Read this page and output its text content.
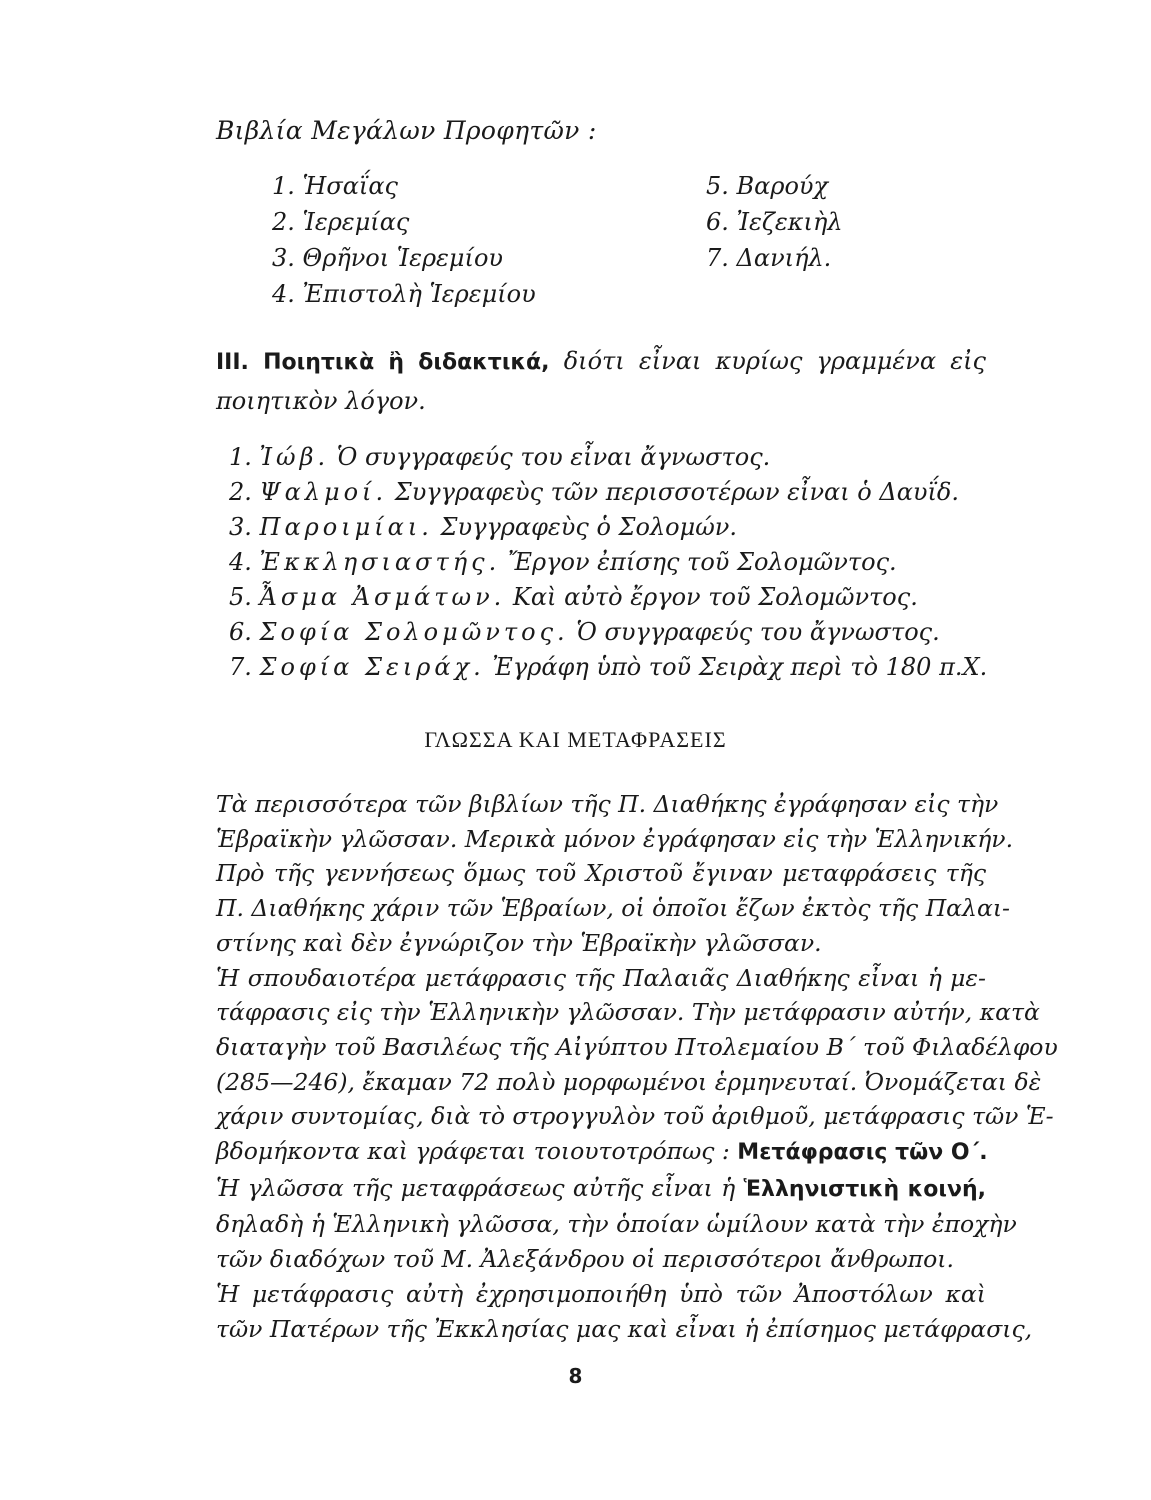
Βιβλία Μεγάλων Προφητῶν :
1. Ἡσαΐας
2. Ἱερεμίας
3. Θρῆνοι Ἱερεμίου
4. Ἐπιστολὴ Ἱερεμίου
5. Βαρούχ
6. Ἰεζεκιὴλ
7. Δανιήλ.
III. Ποιητικὰ ἢ διδακτικά, διότι εἶναι κυρίως γραμμένα εἰς ποιητικὸν λόγον.
1. Ἰώβ. Ὁ συγγραφεύς του εἶναι ἄγνωστος.
2. Ψαλμοί. Συγγραφεὺς τῶν περισσοτέρων εἶναι ὁ Δαυΐδ.
3. Παροιμίαι. Συγγραφεὺς ὁ Σολομών.
4. Ἐκκλησιαστής. Ἔργον ἐπίσης τοῦ Σολομῶντος.
5. Ἆσμα Ἀσμάτων. Καὶ αὐτὸ ἔργον τοῦ Σολομῶντος.
6. Σοφία Σολομῶντος. Ὁ συγγραφεύς του ἄγνωστος.
7. Σοφία Σειράχ. Ἐγράφη ὑπὸ τοῦ Σειρὰχ περὶ τὸ 180 π.Χ.
ΓΛΩΣΣΑ ΚΑΙ ΜΕΤΑΦΡΑΣΕΙΣ
Τὰ περισσότερα τῶν βιβλίων τῆς Π. Διαθήκης ἐγράφησαν εἰς τὴν
Ἑβραϊκὴν γλῶσσαν. Μερικὰ μόνον ἐγράφησαν εἰς τὴν Ἑλληνικήν.
Πρὸ τῆς γεννήσεως ὅμως τοῦ Χριστοῦ ἔγιναν μεταφράσεις τῆς
Π. Διαθήκης χάριν τῶν Ἑβραίων, οἱ ὁποῖοι ἔζων ἐκτὸς τῆς Παλαι-
στίνης καὶ δὲν ἐγνώριζον τὴν Ἑβραϊκὴν γλῶσσαν.
Ἡ σπουδαιοτέρα μετάφρασις τῆς Παλαιᾶς Διαθήκης εἶναι ἡ με-
τάφρασις εἰς τὴν Ἑλληνικὴν γλῶσσαν. Τὴν μετάφρασιν αὐτήν, κατὰ
διαταγὴν τοῦ Βασιλέως τῆς Αἰγύπτου Πτολεμαίου Β΄ τοῦ Φιλαδέλφου
(285—246), ἔκαμαν 72 πολὺ μορφωμένοι ἑρμηνευταί. Ὀνομάζεται δὲ
χάριν συντομίας, διὰ τὸ στρογγυλὸν τοῦ ἀριθμοῦ, μετάφρασις τῶν Ἑ-
βδομήκοντα καὶ γράφεται τοιουτοτρόπως : Μετάφρασις τῶν Ο΄.
Ἡ γλῶσσα τῆς μεταφράσεως αὐτῆς εἶναι ἡ Ἑλληνιστικὴ κοινή,
δηλαδὴ ἡ Ἑλληνικὴ γλῶσσα, τὴν ὁποίαν ὡμίλουν κατὰ τὴν ἐποχὴν
τῶν διαδόχων τοῦ Μ. Ἀλεξάνδρου οἱ περισσότεροι ἄνθρωποι.
Ἡ μετάφρασις αὐτὴ ἐχρησιμοποιήθη ὑπὸ τῶν Ἀποστόλων καὶ
τῶν Πατέρων τῆς Ἐκκλησίας μας καὶ εἶναι ἡ ἐπίσημος μετάφρασις,
8
